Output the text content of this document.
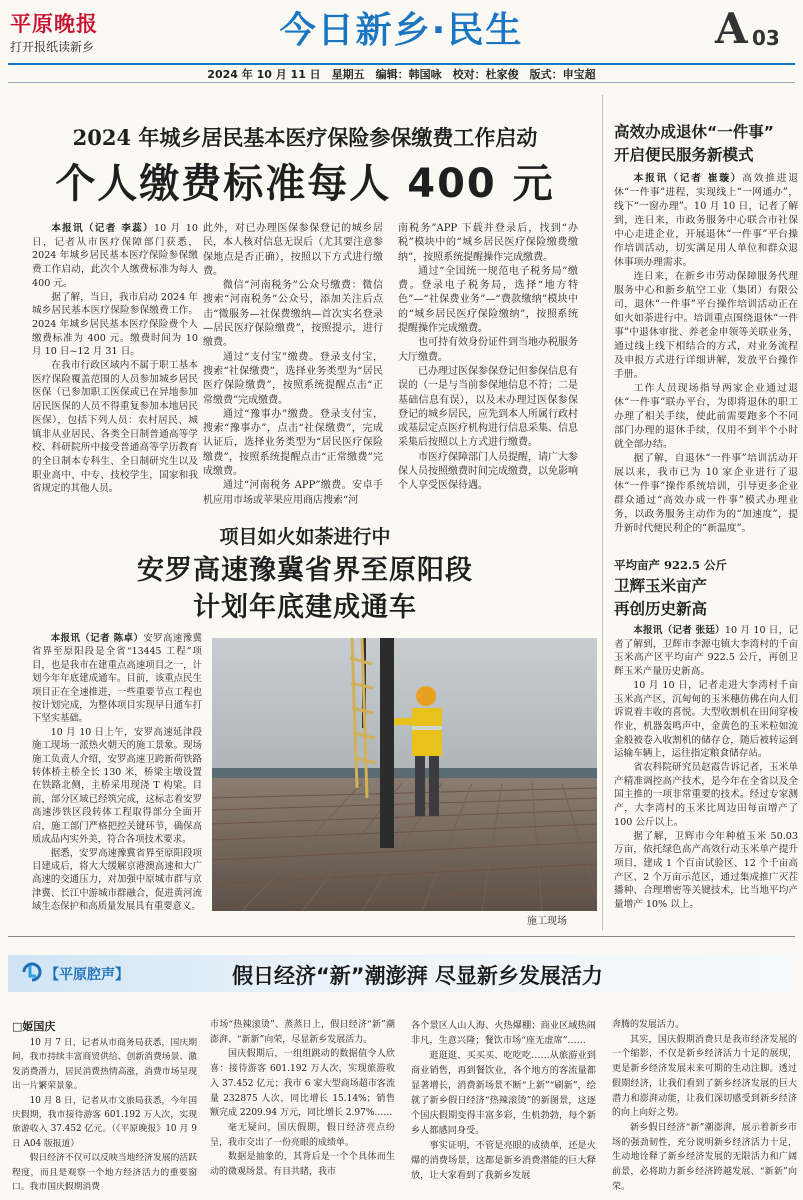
平原晚报
打开报纸读新乡	今日新乡·民生	A 03
2024 年 10 月 11 日　星期五　编辑：韩国咏　校对：杜家俊　版式：申宝超
2024 年城乡居民基本医疗保险参保缴费工作启动
个人缴费标准每人 400 元

本报讯（记者 李蕊）10 月 10 日，记者从市医疗保障部门获悉，2024 年城乡居民基本医疗保险参保缴费工作启动，此次个人缴费标准为每人 400 元。

据了解，当日，我市启动 2024 年城乡居民基本医疗保险参保缴费工作。2024 年城乡居民基本医疗保险费个人缴费标准为 400 元。缴费时间为 10 月 10 日~12 月 31 日。

在我市行政区域内不属于职工基本医疗保险覆盖范围的人员参加城乡居民医保（已参加职工医保或已在异地参加居民医保的人员不得重复参加本地居民医保），包括下列人员：农村居民、城镇非从业居民、各类全日制普通高等学校、科研院所中接受普通高等学历教育的全日制本专科生、全日制研究生以及职业高中、中专、技校学生，国家和我省规定的其他人员。

此外，对已办理医保参保登记的城乡居民，本人核对信息无误后（尤其要注意参保地点是否正确），按照以下方式进行缴费。

微信“河南税务”公众号缴费：微信搜索“河南税务”公众号，添加关注后点击“微服务—社保费缴纳—首次实名登录—居民医疗保险缴费”，按照提示，进行缴费。

通过“支付宝”缴费。登录支付宝，搜索“社保缴费”，选择业务类型为“居民医疗保险缴费”，按照系统提醒点击“正常缴费”完成缴费。

通过“豫事办”缴费。登录支付宝，搜索“豫事办”，点击“社保缴费”，完成认证后，选择业务类型为“居民医疗保险缴费”，按照系统提醒点击“正常缴费”完成缴费。

通过“河南税务 APP”缴费。安卓手机应用市场或苹果应用商店搜索“河

南税务”APP 下载并登录后，找到“办税”模块中的“城乡居民医疗保险缴费缴纳”，按照系统提醒操作完成缴费。

通过“全国统一规范电子税务局”缴费。登录电子税务局，选择“地方特色”—“社保费业务”—“费款缴纳”模块中的“城乡居民医疗保险缴纳”，按照系统提醒操作完成缴费。

也可持有效身份证件到当地办税服务大厅缴费。

已办理过医保参保登记但参保信息有误的（一是与当前参保地信息不符；二是基础信息有误），以及未办理过医保参保登记的城乡居民，应先到本人所属行政村或基层定点医疗机构进行信息采集、信息采集后按照以上方式进行缴费。

市医疗保障部门人员提醒，请广大参保人员按照缴费时间完成缴费，以免影响个人享受医保待遇。

高效办成退休“一件事”
开启便民服务新模式

本报讯（记者 崔璇）高效推进退休“一件事”进程，实现线上“一网通办”，线下“一窗办理”。10 月 10 日，记者了解到，连日来，市政务服务中心联合市社保中心走进企业，开展退休“一件事”平台操作培训活动，切实满足用人单位和群众退休事项办理需求。

连日来，在新乡市劳动保障服务代理服务中心和新乡航空工业（集团）有限公司，退休“一件事”平台操作培训活动正在如火如荼进行中。培训重点围绕退休“一件事”中退休审批、养老金申领等关联业务，通过线上线下相结合的方式，对业务流程及申报方式进行详细讲解，发放平台操作手册。

工作人员现场指导两家企业通过退休“一件事”联办平台，为即将退休的职工办理了相关手续，使此前需要跑多个不同部门办理的退休手续，仅用不到半个小时就全部办结。

据了解，自退休“一件事”培训活动开展以来，我市已为 10 家企业进行了退休“一件事”操作系统培训，引导更多企业群众通过“高效办成一件事”模式办理业务，以政务服务主动作为的“加速度”，提升新时代便民利企的“新温度”。

项目如火如荼进行中
安罗高速豫冀省界至原阳段
计划年底建成通车

本报讯（记者 陈卓）安罗高速豫冀省界至原阳段是全省“13445 工程”项目，也是我市在建重点高速项目之一，计划今年年底建成通车。目前，该重点民生项目正在全速推进，一些重要节点工程也按计划完成，为整体项目实现早日通车打下坚实基础。

10 月 10 日上午，安罗高速延津段施工现场一派热火朝天的施工景象。现场施工负责人介绍，安罗高速卫跨新荷铁路转体桥主桥全长 130 米，桥梁主墩设置在铁路北侧，主桥采用现浇 T 构梁。目前，部分区域已经筑完成，这标志着安罗高速涉铁区段转体工程取得部分全面开启，施工部门严格把控关键环节，确保高质成品内实外美，符合各项技术要求。

据悉，安罗高速豫冀省界至原阳段项目建成后，将大大缓解京港澳高速和大广高速的交通压力，对加强中原城市群与京津冀、长江中游城市群融合，促进黄河流域生态保护和高质量发展具有重要意义。

施工现场
平均亩产 922.5 公斤
卫辉玉米亩产
再创历史新高

本报讯（记者 张廷）10 月 10 日，记者了解到，卫辉市李源屯镇大李湾村的千亩玉米高产区平均亩产 922.5 公斤，再创卫辉玉米产量历史新高。

10 月 10 日，记者走进大李湾村千亩玉米高产区，沉甸甸的玉米穗仿佛在向人们诉说着丰收的喜悦。大型收割机在田间穿梭作业，机器轰鸣声中，金黄色的玉米粒如流金般被卷入收割机的储存仓，随后被转运到运输车辆上，运往指定粮食储存站。

省农科院研究员赵霞告诉记者，玉米单产精准调控高产技术，是今年在全省以及全国主推的一项非常重要的技术。经过专家测产，大李湾村的玉米比周边田每亩增产了 100 公斤以上。

据了解，卫辉市今年种植玉米 50.03 万亩，依托绿色高产高效行动玉米单产提升项目，建成 1 个百亩试验区、12 个千亩高产区、2 个万亩示范区，通过集成推广灭茬播种、合理增密等关键技术，比当地平均产量增产 10% 以上。

【平原腔声】	假日经济“新”潮澎湃 尽显新乡发展活力
□姬国庆

10 月 7 日，记者从市商务局获悉，国庆期间，我市持续丰富商贸供给、创新消费场景、激发消费潜力，居民消费热情高涨，消费市场呈现出一片繁荣景象。

10 月 8 日，记者从市文旅局获悉，今年国庆假期，我市接待游客 601.192 万人次，实现旅游收入 37.452 亿元。（《平原晚报》10 月 9 日 A04 版报道）

假日经济不仅可以反映当地经济发展的活跃程度，而且是观察一个地方经济活力的重要窗口。我市国庆假期消费

市场“热辣滚烫”、蒸蒸日上，假日经济“新”潮澎湃、“新新”向荣，尽显新乡发展活力。

国庆假期后，一组组跳动的数据值令人欣喜：接待游客 601.192 万人次，实现旅游收入 37.452 亿元；我市 6 家大型商场超市客流量 232875 人次，同比增长 15.14%；销售额完成 2209.94 万元，同比增长 2.97%……

毫无疑问，国庆假期，假日经济亮点纷呈，我市交出了一份亮眼的成绩单。

数据是抽象的，其背后是一个个具体而生动的微观场景。有目共睹，我市

各个景区人山人海、火热爆棚；商业区域热闹非凡，生意兴隆；餐饮市场“座无虚席”……

逛逛逛、买买买、吃吃吃……从旅游业到商业销售，再到餐饮业，各个地方的客流量都显著增长，消费新场景不断“上新”“刷新”，绘就了新乡假日经济“热辣滚烫”的新图景，这逐个国庆假期变得丰富多彩，生机勃勃，每个新乡人都感同身受。

事实证明，不管是亮眼的成绩单，还是火爆的消费场景，这都是新乡消费潜能的巨大释放，让大家看到了我新乡发展

奔腾的发展活力。

其实，国庆假期消费只是我市经济发展的一个缩影，不仅是新乡经济活力十足的展现，更是新乡经济发展未来可期的生动注脚。透过假期经济，让我们看到了新乡经济发展的巨大潜力和澎湃动能，让我们深切感受到新乡经济的向上向好之势。

新乡假日经济“新”潮澎湃，展示着新乡市场的强劲韧性，充分说明新乡经济活力十足，生动地诠释了新乡经济发展的无限活力和广阔前景，必将助力新乡经济跨越发展、“新新”向荣。
